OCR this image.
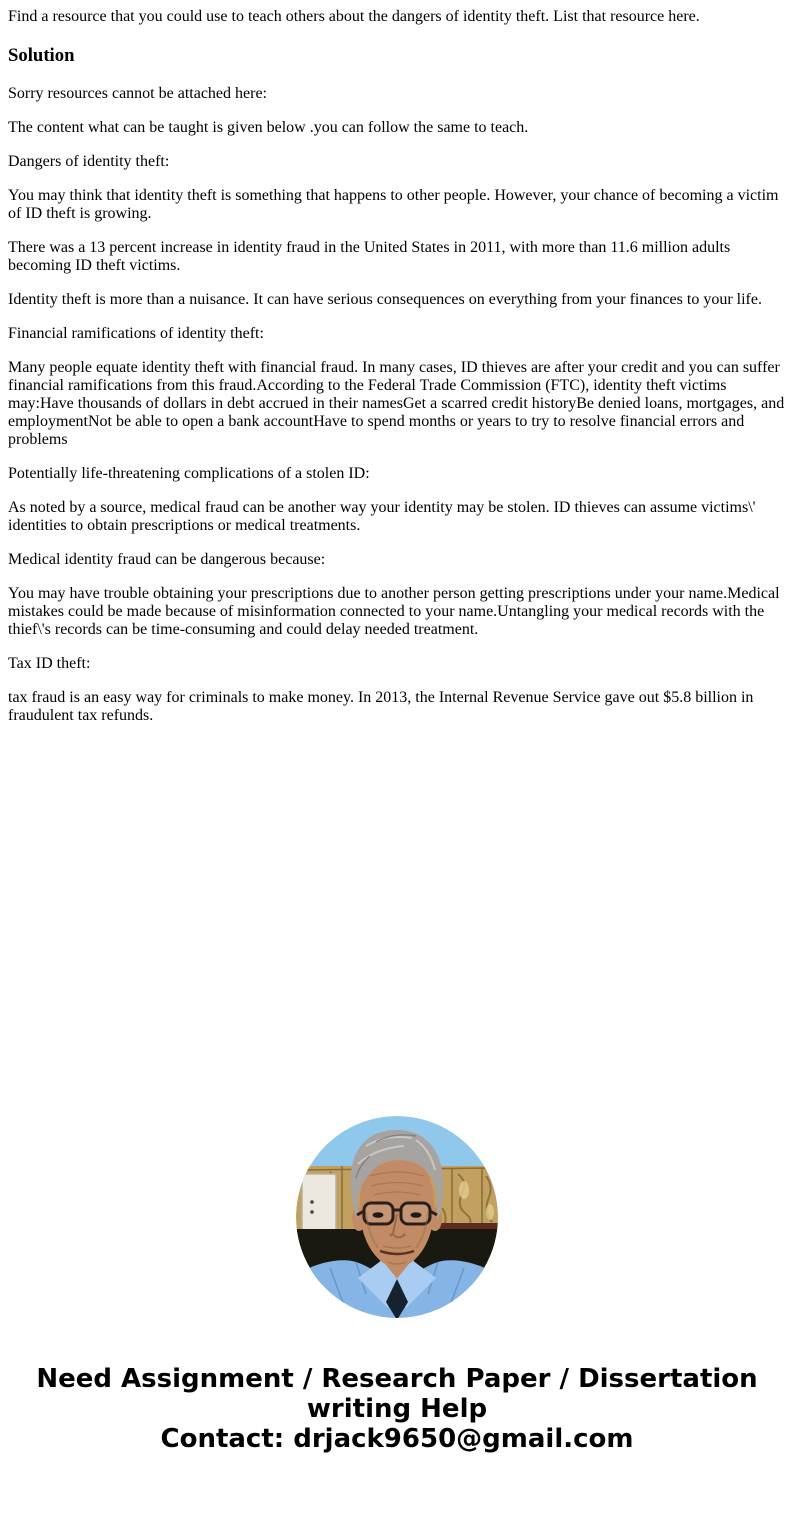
Find a resource that you could use to teach others about the dangers of identity theft. List that resource here.

Solution

Sorry resources cannot be attached here:

The content what can be taught is given below .you can follow the same to teach.

Dangers of identity theft:

You may think that identity theft is something that happens to other people. However, your chance of becoming a victim of ID theft is growing.

There was a 13 percent increase in identity fraud in the United States in 2011, with more than 11.6 million adults becoming ID theft victims.

Identity theft is more than a nuisance. It can have serious consequences on everything from your finances to your life.

Financial ramifications of identity theft:

Many people equate identity theft with financial fraud. In many cases, ID thieves are after your credit and you can suffer financial ramifications from this fraud.According to the Federal Trade Commission (FTC), identity theft victims may:Have thousands of dollars in debt accrued in their namesGet a scarred credit historyBe denied loans, mortgages, and employmentNot be able to open a bank accountHave to spend months or years to try to resolve financial errors and problems

Potentially life-threatening complications of a stolen ID:

As noted by a source, medical fraud can be another way your identity may be stolen. ID thieves can assume victims\' identities to obtain prescriptions or medical treatments.

Medical identity fraud can be dangerous because:

You may have trouble obtaining your prescriptions due to another person getting prescriptions under your name.Medical mistakes could be made because of misinformation connected to your name.Untangling your medical records with the thief\'s records can be time-consuming and could delay needed treatment.

Tax ID theft:

tax fraud is an easy way for criminals to make money. In 2013, the Internal Revenue Service gave out $5.8 billion in fraudulent tax refunds.

Need Assignment / Research Paper / Dissertation
writing Help
Contact: drjack9650@gmail.com
